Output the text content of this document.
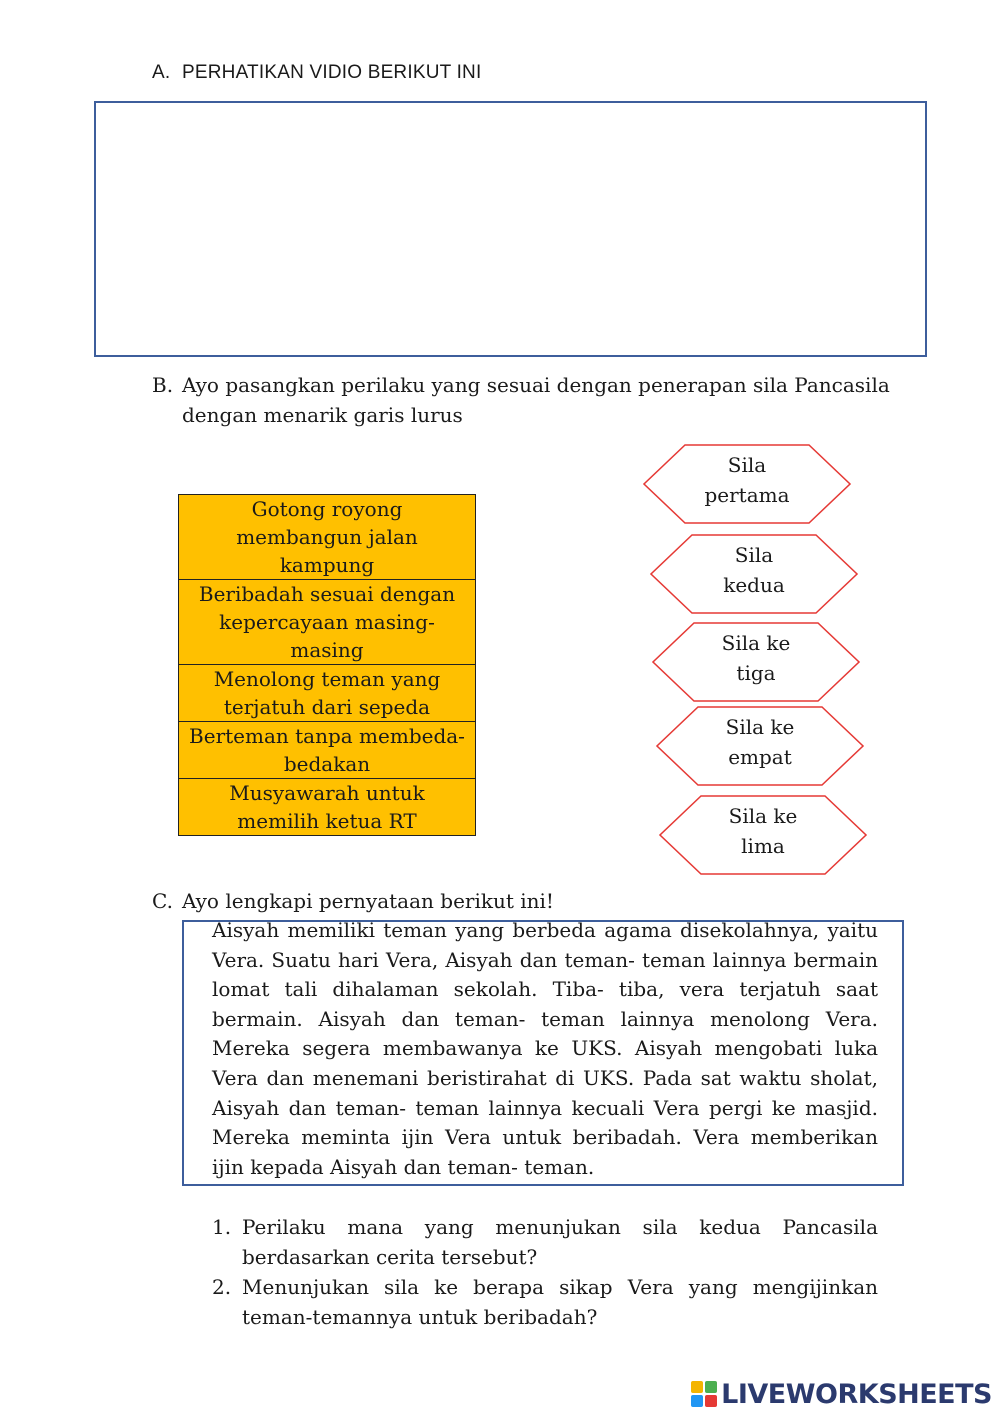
A. PERHATIKAN VIDIO BERIKUT INI
B. Ayo pasangkan perilaku yang sesuai dengan penerapan sila Pancasila
dengan menarik garis lurus
Gotong royong membangun jalan kampung
Beribadah sesuai dengan kepercayaan masing-masing
Menolong teman yang terjatuh dari sepeda
Berteman tanpa membeda-bedakan
Musyawarah untuk memilih ketua RT
Sila
pertama
Sila
kedua
Sila ke
tiga
Sila ke
empat
Sila ke
lima
C. Ayo lengkapi pernyataan berikut ini!
Aisyah memiliki teman yang berbeda agama disekolahnya, yaitu Vera. Suatu hari Vera, Aisyah dan teman- teman lainnya bermain lomat tali dihalaman sekolah. Tiba- tiba, vera terjatuh saat bermain. Aisyah dan teman- teman lainnya menolong Vera. Mereka segera membawanya ke UKS. Aisyah mengobati luka Vera dan menemani beristirahat di UKS. Pada sat waktu sholat, Aisyah dan teman- teman lainnya kecuali Vera pergi ke masjid. Mereka meminta ijin Vera untuk beribadah. Vera memberikan ijin kepada Aisyah dan teman- teman.
1. Perilaku mana yang menunjukan sila kedua Pancasila berdasarkan cerita tersebut?
2. Menunjukan sila ke berapa sikap Vera yang mengijinkan teman-temannya untuk beribadah?
LIVEWORKSHEETS
